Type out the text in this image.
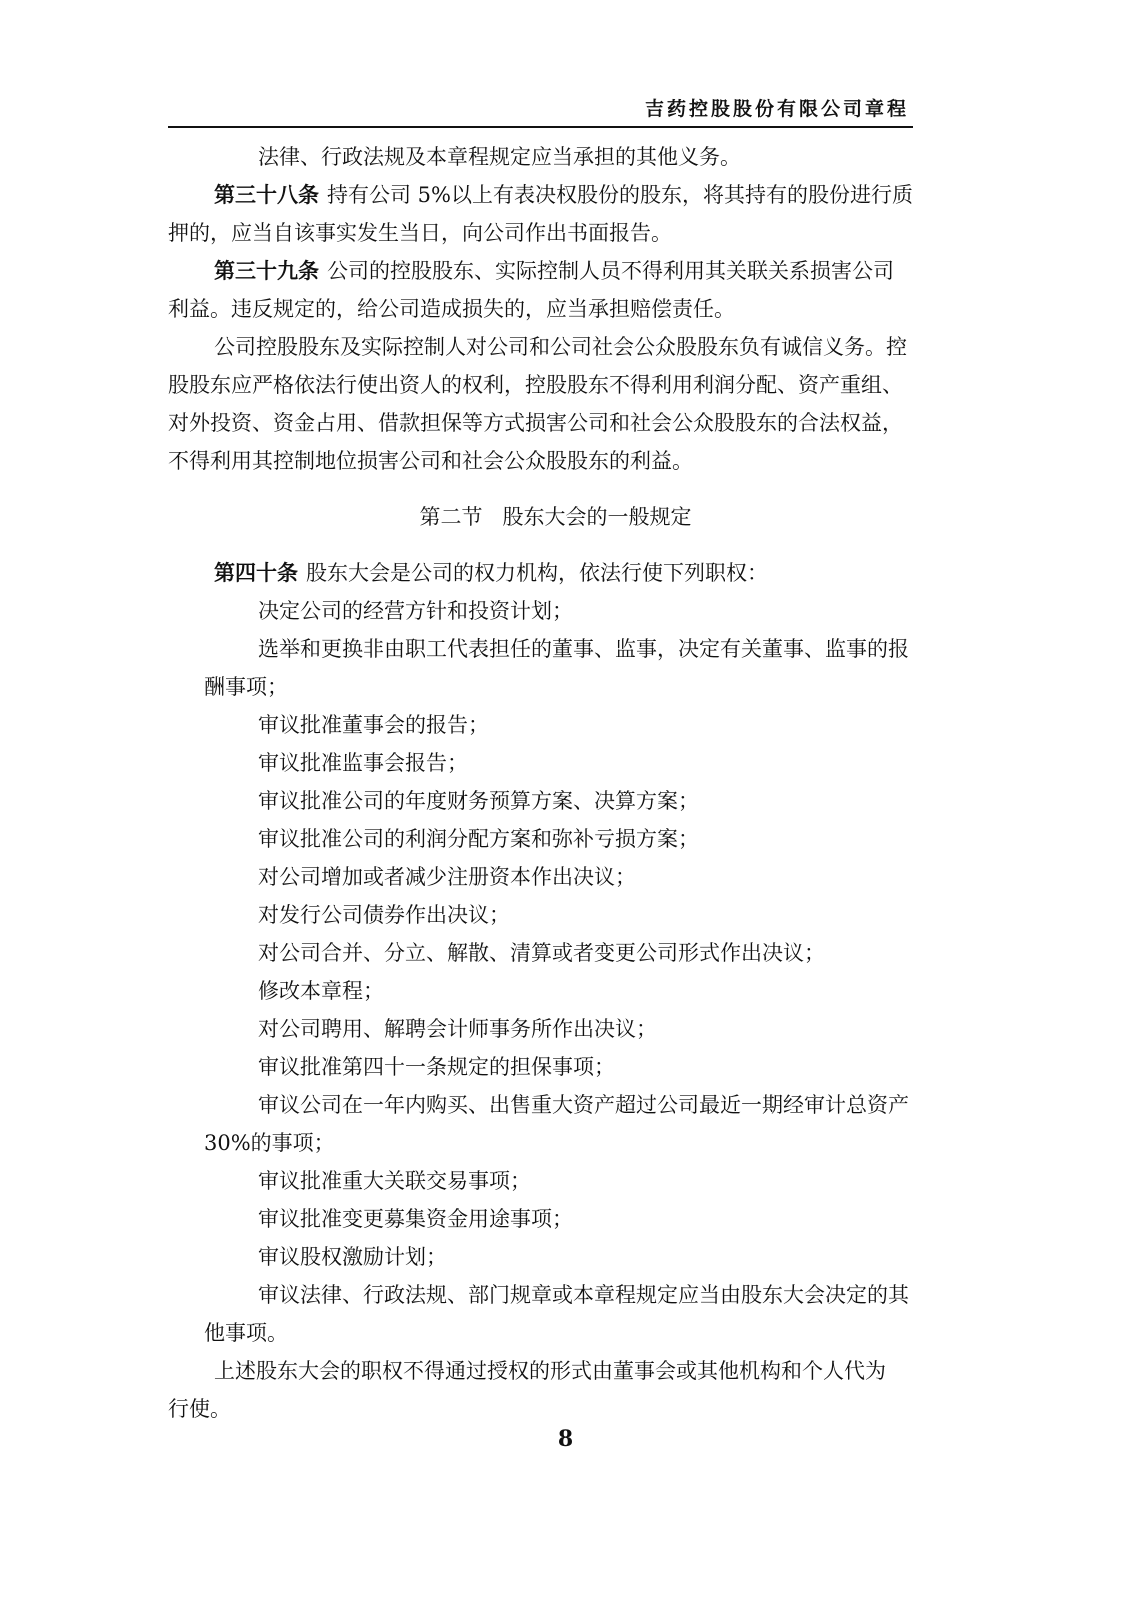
吉药控股股份有限公司章程
法律、行政法规及本章程规定应当承担的其他义务。
第三十八条 持有公司 5%以上有表决权股份的股东，将其持有的股份进行质
押的，应当自该事实发生当日，向公司作出书面报告。
第三十九条 公司的控股股东、实际控制人员不得利用其关联关系损害公司
利益。违反规定的，给公司造成损失的，应当承担赔偿责任。
公司控股股东及实际控制人对公司和公司社会公众股股东负有诚信义务。控
股股东应严格依法行使出资人的权利，控股股东不得利用利润分配、资产重组、
对外投资、资金占用、借款担保等方式损害公司和社会公众股股东的合法权益，
不得利用其控制地位损害公司和社会公众股股东的利益。
第二节 股东大会的一般规定
第四十条 股东大会是公司的权力机构，依法行使下列职权：
决定公司的经营方针和投资计划；
选举和更换非由职工代表担任的董事、监事，决定有关董事、监事的报
酬事项；
审议批准董事会的报告；
审议批准监事会报告；
审议批准公司的年度财务预算方案、决算方案；
审议批准公司的利润分配方案和弥补亏损方案；
对公司增加或者减少注册资本作出决议；
对发行公司债券作出决议；
对公司合并、分立、解散、清算或者变更公司形式作出决议；
修改本章程；
对公司聘用、解聘会计师事务所作出决议；
审议批准第四十一条规定的担保事项；
审议公司在一年内购买、出售重大资产超过公司最近一期经审计总资产
30%的事项；
审议批准重大关联交易事项；
审议批准变更募集资金用途事项；
审议股权激励计划；
审议法律、行政法规、部门规章或本章程规定应当由股东大会决定的其
他事项。
上述股东大会的职权不得通过授权的形式由董事会或其他机构和个人代为
行使。
8
